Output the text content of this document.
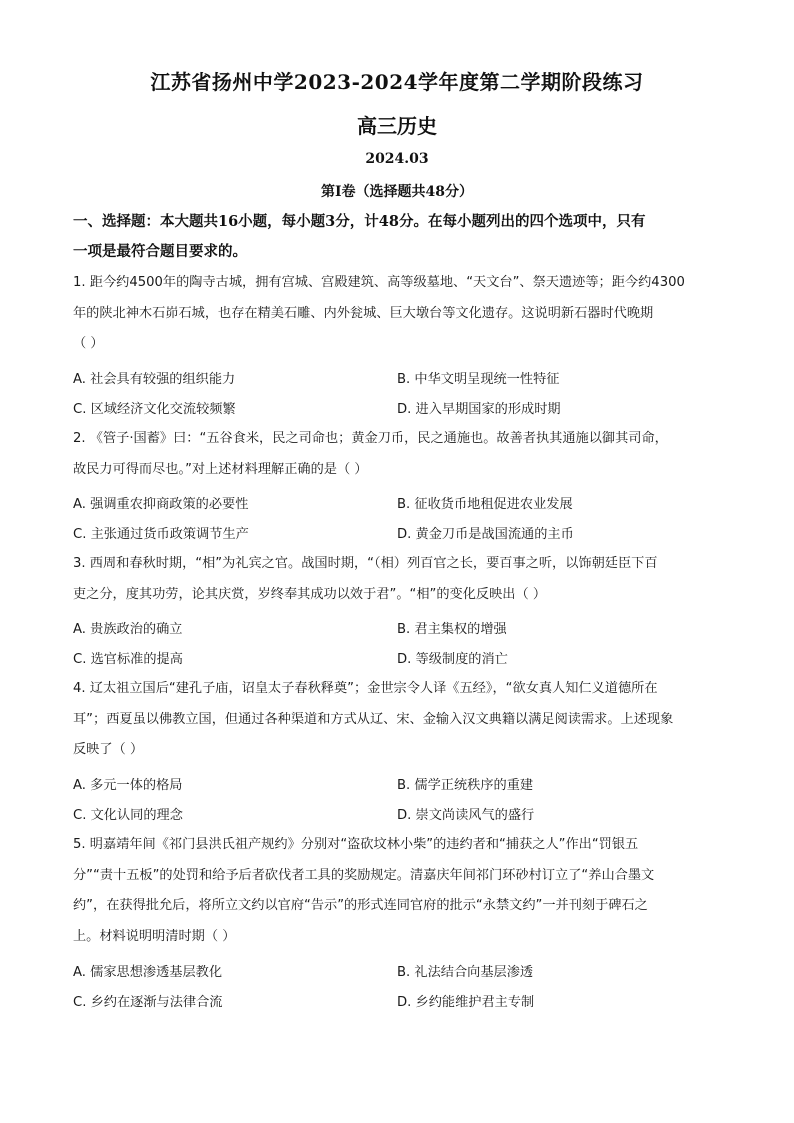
江苏省扬州中学2023-2024学年度第二学期阶段练习
高三历史
2024.03
第Ⅰ卷（选择题共48分）
一、选择题：本大题共16小题，每小题3分，计48分。在每小题列出的四个选项中，只有
一项是最符合题目要求的。
1. 距今约4500年的陶寺古城，拥有宫城、宫殿建筑、高等级墓地、“天文台”、祭天遗迹等；距今约4300
年的陕北神木石峁石城，也存在精美石雕、内外瓮城、巨大墩台等文化遗存。这说明新石器时代晚期
（ ）
A. 社会具有较强的组织能力	B. 中华文明呈现统一性特征
C. 区域经济文化交流较频繁	D. 进入早期国家的形成时期
2. 《管子·国蓄》曰：“五谷食米，民之司命也；黄金刀币，民之通施也。故善者执其通施以御其司命，
故民力可得而尽也。”对上述材料理解正确的是（ ）
A. 强调重农抑商政策的必要性	B. 征收货币地租促进农业发展
C. 主张通过货币政策调节生产	D. 黄金刀币是战国流通的主币
3. 西周和春秋时期，“相”为礼宾之官。战国时期，“（相）列百官之长，要百事之听，以饰朝廷臣下百
吏之分，度其功劳，论其庆赏，岁终奉其成功以效于君”。“相”的变化反映出（ ）
A. 贵族政治的确立	B. 君主集权的增强
C. 选官标准的提高	D. 等级制度的消亡
4. 辽太祖立国后“建孔子庙，诏皇太子春秋释奠”；金世宗令人译《五经》，“欲女真人知仁义道德所在
耳”；西夏虽以佛教立国，但通过各种渠道和方式从辽、宋、金输入汉文典籍以满足阅读需求。上述现象
反映了（ ）
A. 多元一体的格局	B. 儒学正统秩序的重建
C. 文化认同的理念	D. 崇文尚读风气的盛行
5. 明嘉靖年间《祁门县洪氏祖产规约》分别对“盗砍坟林小柴”的违约者和“捕获之人”作出“罚银五
分”“责十五板”的处罚和给予后者砍伐者工具的奖励规定。清嘉庆年间祁门环砂村订立了“养山合墨文
约”，在获得批允后，将所立文约以官府“告示”的形式连同官府的批示“永禁文约”一并刊刻于碑石之
上。材料说明明清时期（ ）
A. 儒家思想渗透基层教化	B. 礼法结合向基层渗透
C. 乡约在逐渐与法律合流	D. 乡约能维护君主专制
